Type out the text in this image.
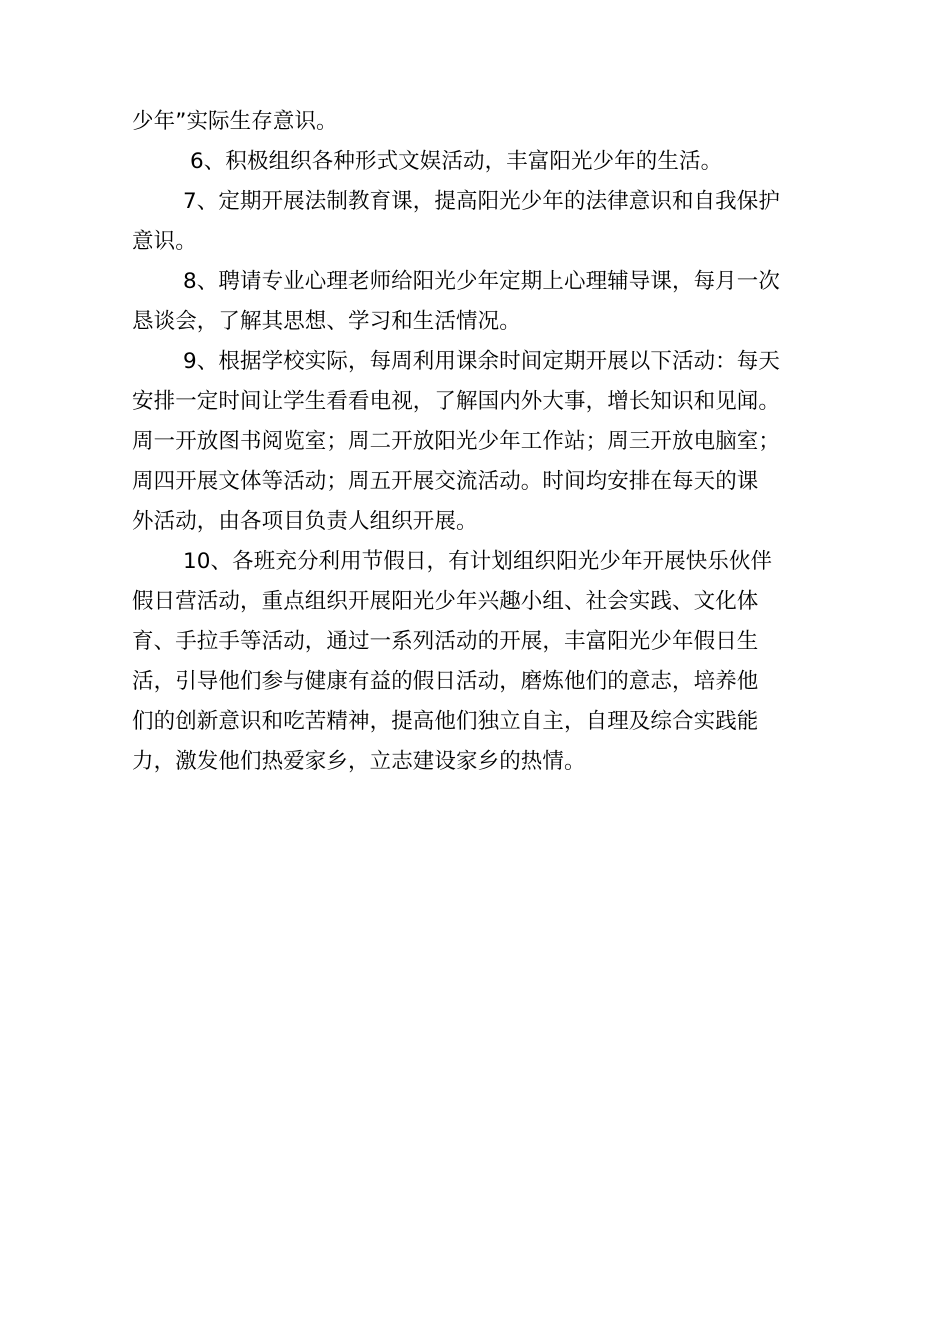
少年”实际生存意识。
6、积极组织各种形式文娱活动，丰富阳光少年的生活。
7、定期开展法制教育课，提高阳光少年的法律意识和自我保护
意识。
8、聘请专业心理老师给阳光少年定期上心理辅导课，每月一次
恳谈会，了解其思想、学习和生活情况。
9、根据学校实际，每周利用课余时间定期开展以下活动：每天
安排一定时间让学生看看电视，了解国内外大事，增长知识和见闻。
周一开放图书阅览室；周二开放阳光少年工作站；周三开放电脑室；
周四开展文体等活动；周五开展交流活动。时间均安排在每天的课
外活动，由各项目负责人组织开展。
10、各班充分利用节假日，有计划组织阳光少年开展快乐伙伴
假日营活动，重点组织开展阳光少年兴趣小组、社会实践、文化体
育、手拉手等活动，通过一系列活动的开展，丰富阳光少年假日生
活，引导他们参与健康有益的假日活动，磨炼他们的意志，培养他
们的创新意识和吃苦精神，提高他们独立自主，自理及综合实践能
力，激发他们热爱家乡，立志建设家乡的热情。
